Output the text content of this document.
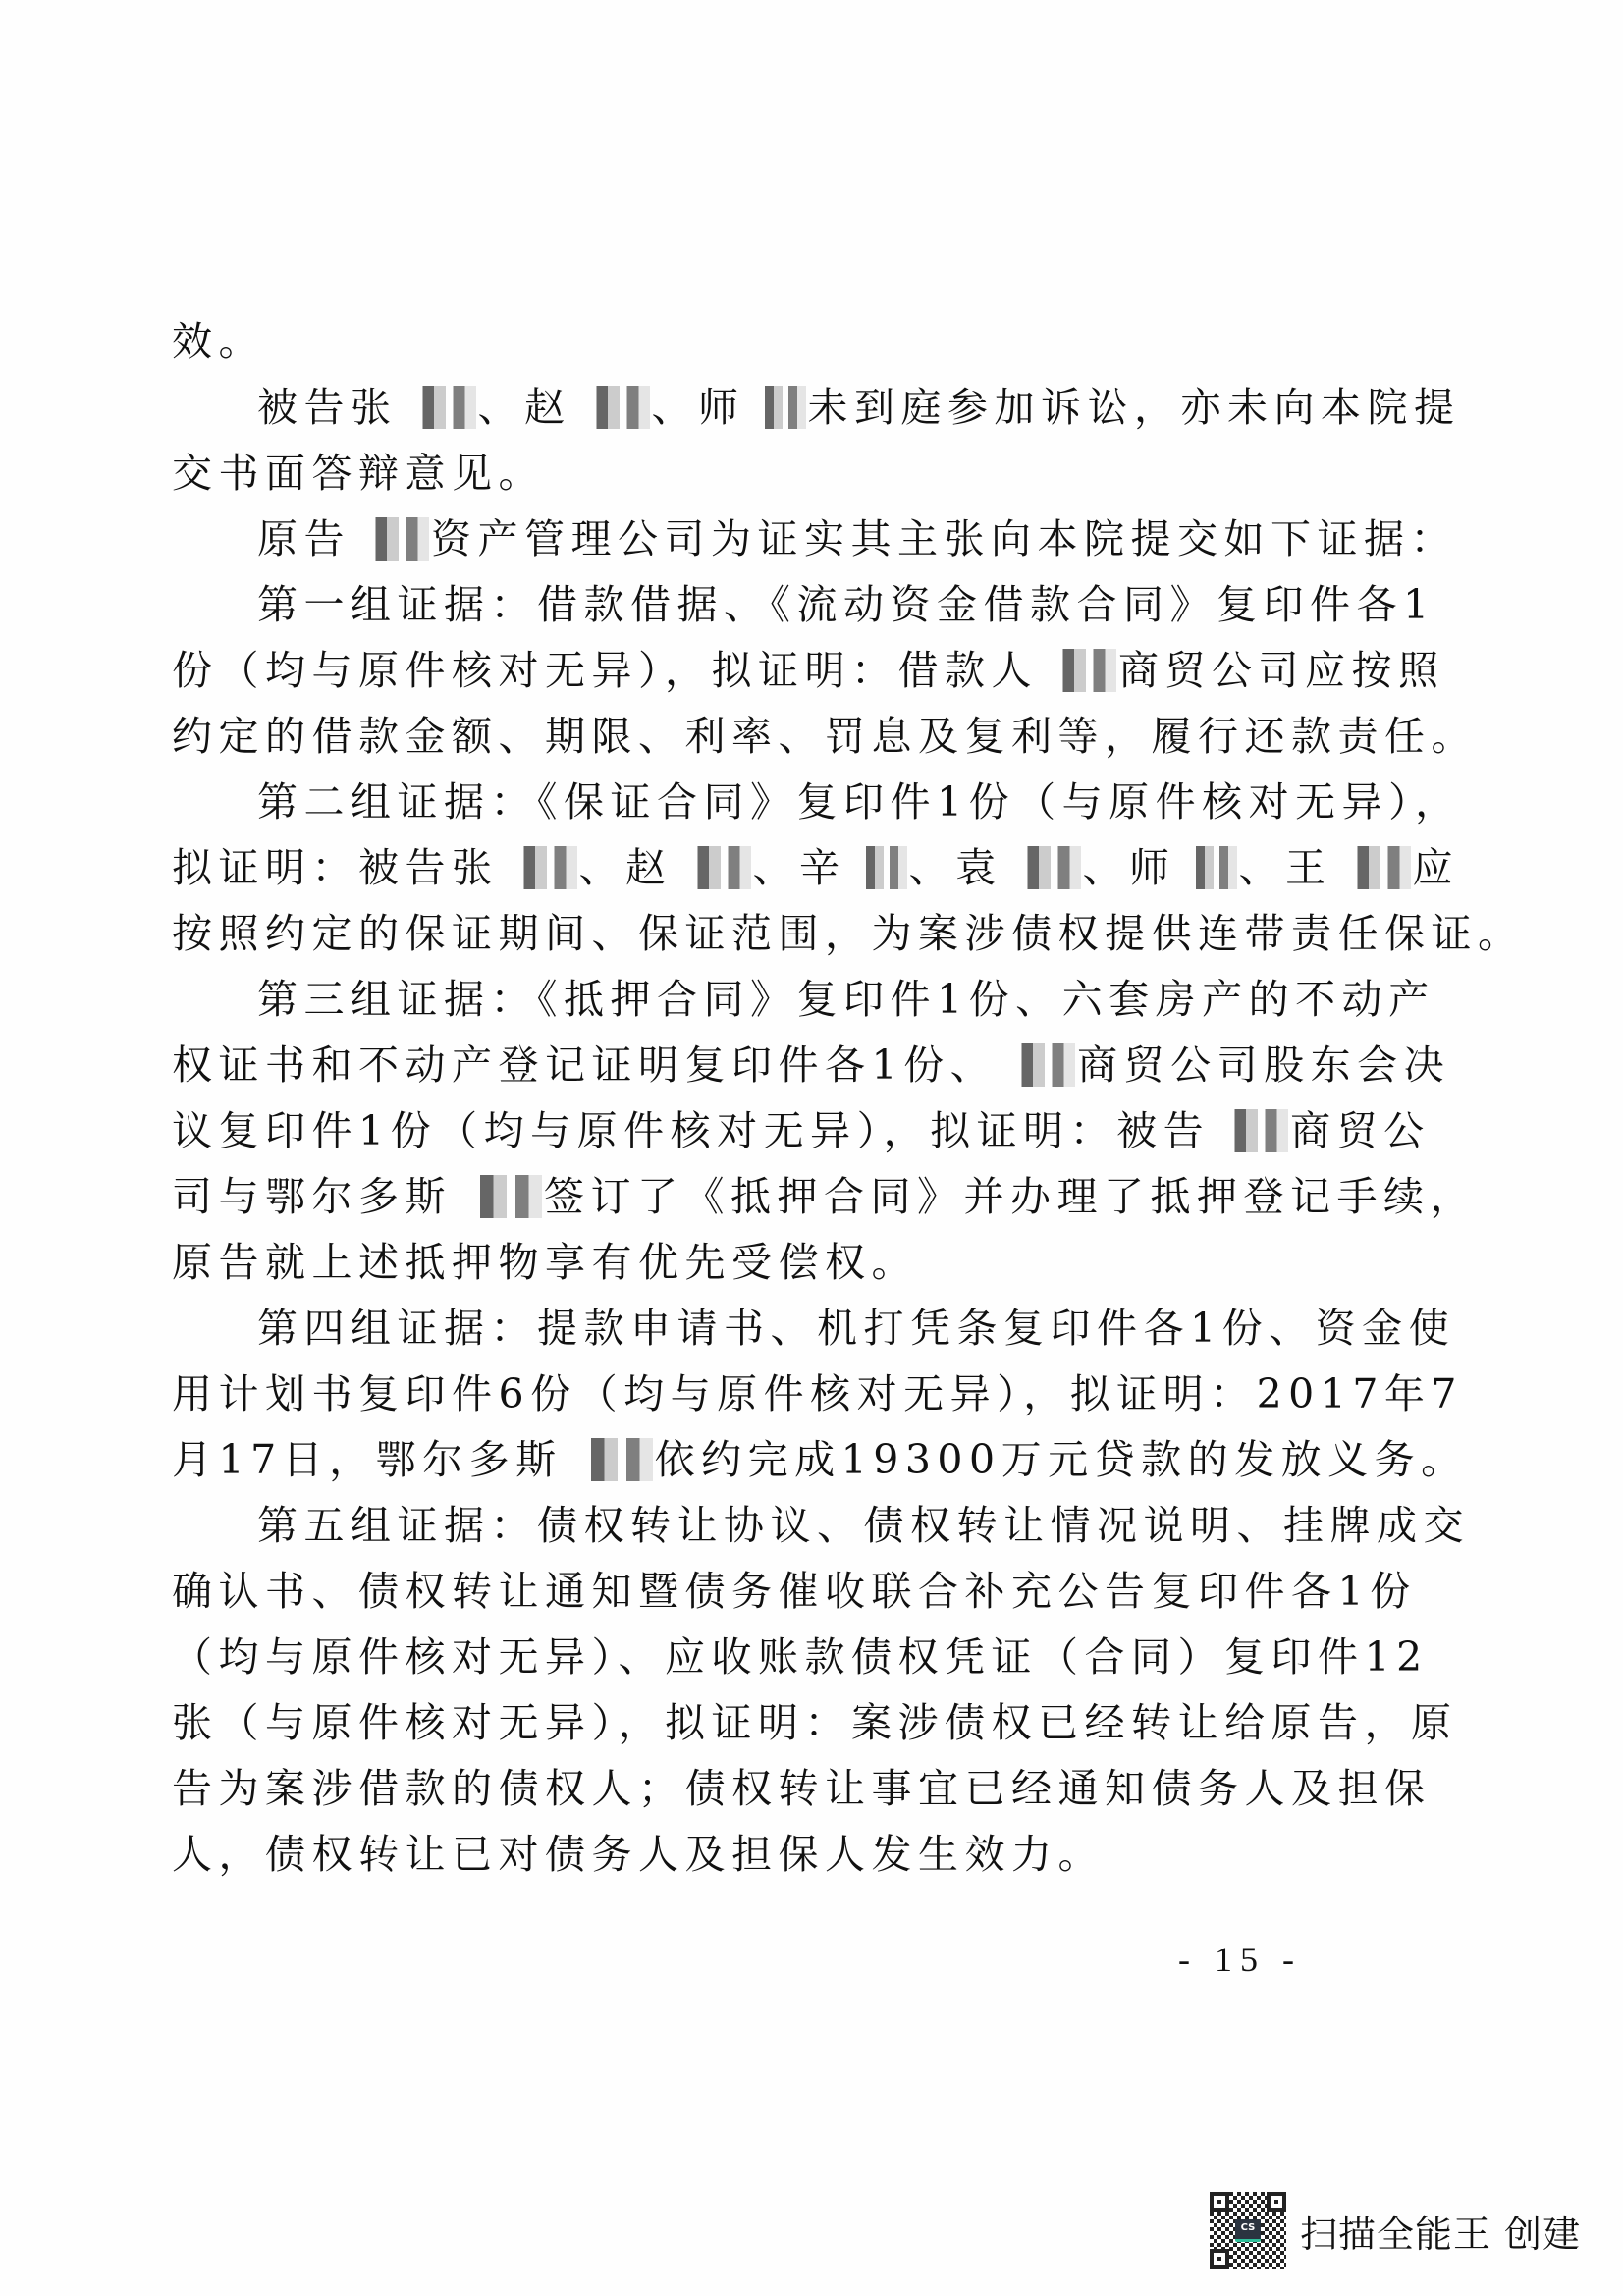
效。
被告张 、赵 、师 未到庭参加诉讼，亦未向本院提
交书面答辩意见。
原告 资产管理公司为证实其主张向本院提交如下证据：
第一组证据：借款借据、《流动资金借款合同》复印件各1
份（均与原件核对无异），拟证明：借款人 商贸公司应按照
约定的借款金额、期限、利率、罚息及复利等，履行还款责任。
第二组证据：《保证合同》复印件1份（与原件核对无异），
拟证明：被告张 、赵 、辛 、袁 、师 、王 应
按照约定的保证期间、保证范围，为案涉债权提供连带责任保证。
第三组证据：《抵押合同》复印件1份、六套房产的不动产
权证书和不动产登记证明复印件各1份、 商贸公司股东会决
议复印件1份（均与原件核对无异），拟证明：被告 商贸公
司与鄂尔多斯 签订了《抵押合同》并办理了抵押登记手续，
原告就上述抵押物享有优先受偿权。
第四组证据：提款申请书、机打凭条复印件各1份、资金使
用计划书复印件6份（均与原件核对无异），拟证明：2017年7
月17日，鄂尔多斯 依约完成19300万元贷款的发放义务。
第五组证据：债权转让协议、债权转让情况说明、挂牌成交
确认书、债权转让通知暨债务催收联合补充公告复印件各1份
（均与原件核对无异）、应收账款债权凭证（合同）复印件12
张（与原件核对无异），拟证明：案涉债权已经转让给原告，原
告为案涉借款的债权人；债权转让事宜已经通知债务人及担保
人，债权转让已对债务人及担保人发生效力。
- 15 -
CS 扫描全能王 创建
